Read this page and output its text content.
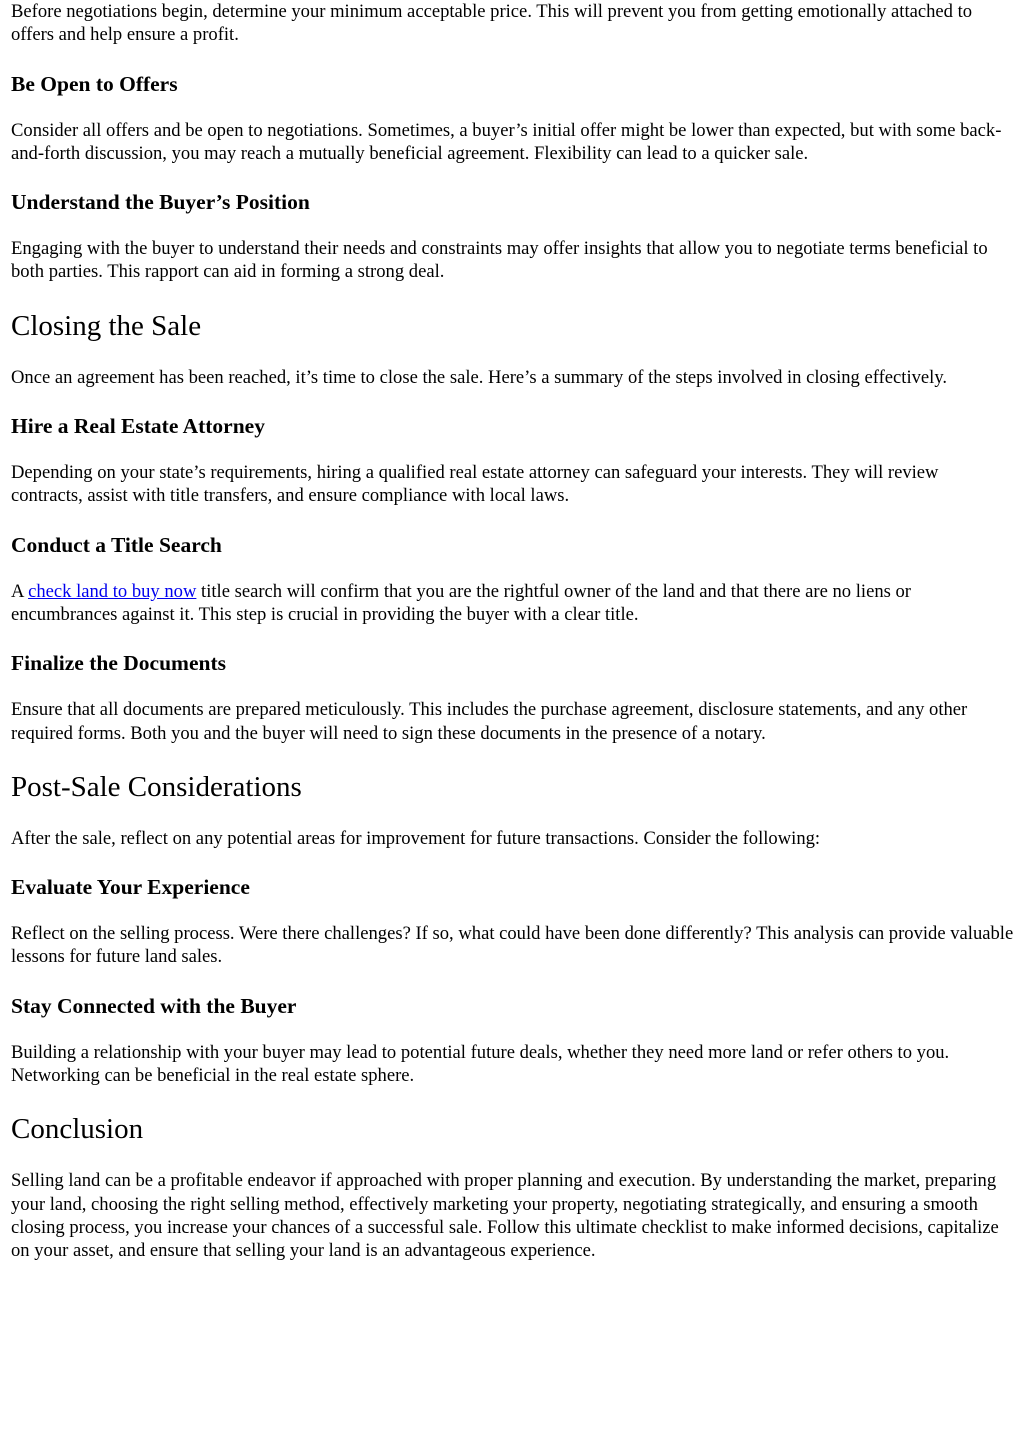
Before negotiations begin, determine your minimum acceptable price. This will prevent you from getting emotionally attached to offers and help ensure a profit.

Be Open to Offers

Consider all offers and be open to negotiations. Sometimes, a buyer’s initial offer might be lower than expected, but with some back-and-forth discussion, you may reach a mutually beneficial agreement. Flexibility can lead to a quicker sale.

Understand the Buyer’s Position

Engaging with the buyer to understand their needs and constraints may offer insights that allow you to negotiate terms beneficial to both parties. This rapport can aid in forming a strong deal.

Closing the Sale

Once an agreement has been reached, it’s time to close the sale. Here’s a summary of the steps involved in closing effectively.

Hire a Real Estate Attorney

Depending on your state’s requirements, hiring a qualified real estate attorney can safeguard your interests. They will review contracts, assist with title transfers, and ensure compliance with local laws.

Conduct a Title Search

A check land to buy now title search will confirm that you are the rightful owner of the land and that there are no liens or encumbrances against it. This step is crucial in providing the buyer with a clear title.

Finalize the Documents

Ensure that all documents are prepared meticulously. This includes the purchase agreement, disclosure statements, and any other required forms. Both you and the buyer will need to sign these documents in the presence of a notary.

Post-Sale Considerations

After the sale, reflect on any potential areas for improvement for future transactions. Consider the following:

Evaluate Your Experience

Reflect on the selling process. Were there challenges? If so, what could have been done differently? This analysis can provide valuable lessons for future land sales.

Stay Connected with the Buyer

Building a relationship with your buyer may lead to potential future deals, whether they need more land or refer others to you. Networking can be beneficial in the real estate sphere.

Conclusion

Selling land can be a profitable endeavor if approached with proper planning and execution. By understanding the market, preparing your land, choosing the right selling method, effectively marketing your property, negotiating strategically, and ensuring a smooth closing process, you increase your chances of a successful sale. Follow this ultimate checklist to make informed decisions, capitalize on your asset, and ensure that selling your land is an advantageous experience.
